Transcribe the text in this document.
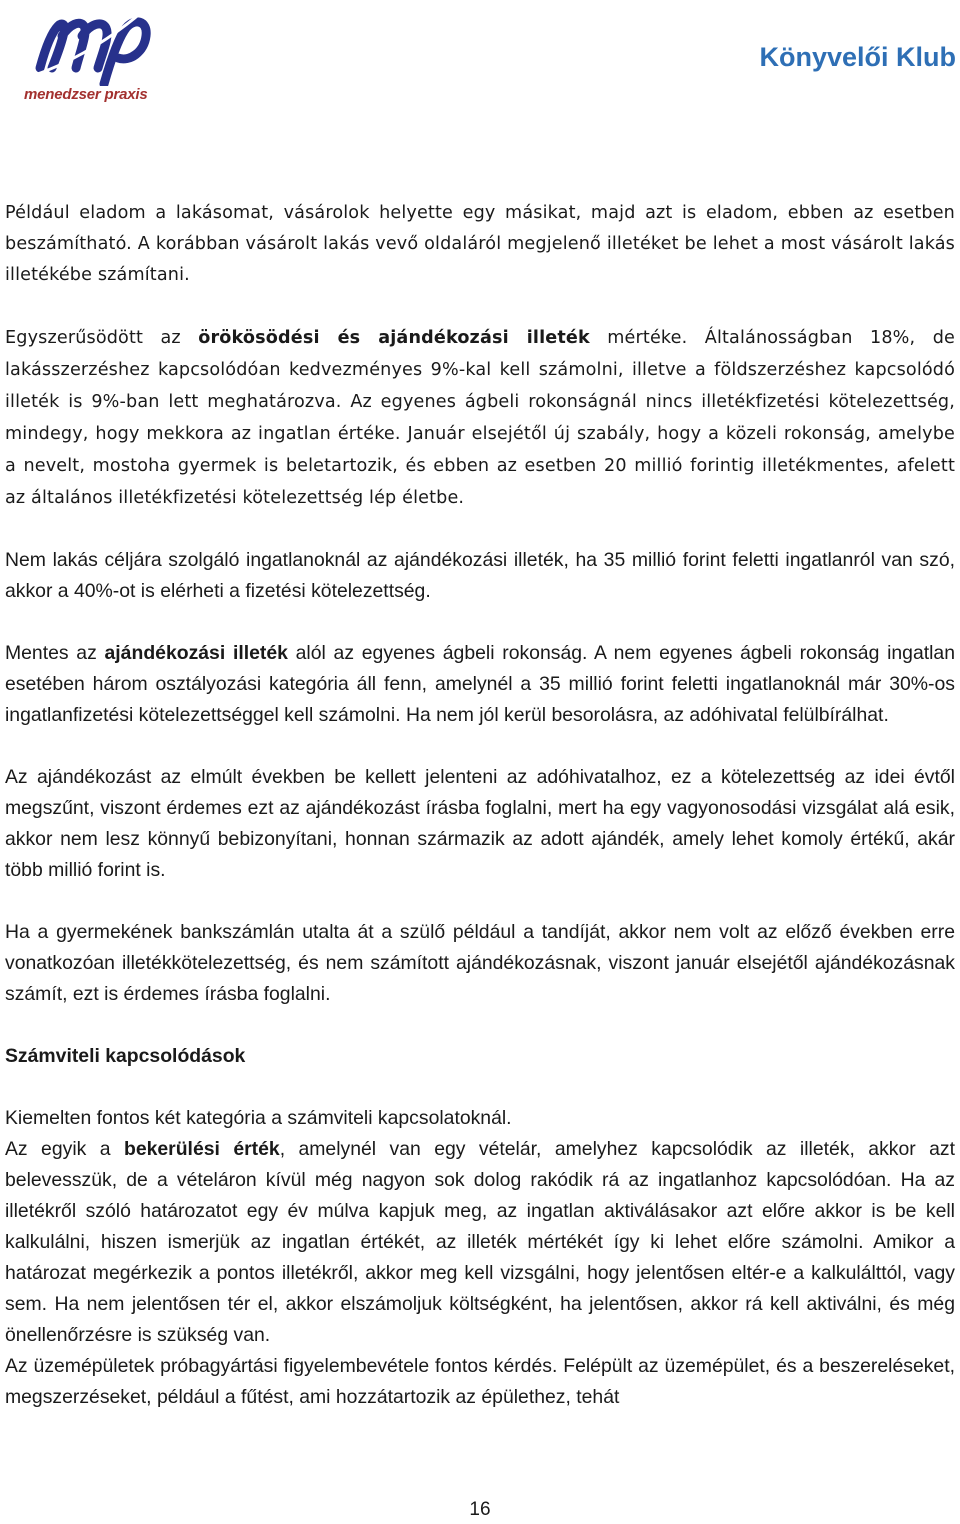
menedzser praxis
Könyvelői Klub

Például eladom a lakásomat, vásárolok helyette egy másikat, majd azt is eladom, ebben az esetben beszámítható. A korábban vásárolt lakás vevő oldaláról megjelenő illetéket be lehet a most vásárolt lakás illetékébe számítani.

Egyszerűsödött az örökösödési és ajándékozási illeték mértéke. Általánosságban 18%, de lakásszerzéshez kapcsolódóan kedvezményes 9%-kal kell számolni, illetve a földszerzéshez kapcsolódó illeték is 9%-ban lett meghatározva. Az egyenes ágbeli rokonságnál nincs illetékfizetési kötelezettség, mindegy, hogy mekkora az ingatlan értéke. Január elsejétől új szabály, hogy a közeli rokonság, amelybe a nevelt, mostoha gyermek is beletartozik, és ebben az esetben 20 millió forintig illetékmentes, afelett az általános illetékfizetési kötelezettség lép életbe.

Nem lakás céljára szolgáló ingatlanoknál az ajándékozási illeték, ha 35 millió forint feletti ingatlanról van szó, akkor a 40%-ot is elérheti a fizetési kötelezettség.

Mentes az ajándékozási illeték alól az egyenes ágbeli rokonság. A nem egyenes ágbeli rokonság ingatlan esetében három osztályozási kategória áll fenn, amelynél a 35 millió forint feletti ingatlanoknál már 30%-os ingatlanfizetési kötelezettséggel kell számolni. Ha nem jól kerül besorolásra, az adóhivatal felülbírálhat.

Az ajándékozást az elmúlt években be kellett jelenteni az adóhivatalhoz, ez a kötelezettség az idei évtől megszűnt, viszont érdemes ezt az ajándékozást írásba foglalni, mert ha egy vagyonosodási vizsgálat alá esik, akkor nem lesz könnyű bebizonyítani, honnan származik az adott ajándék, amely lehet komoly értékű, akár több millió forint is.

Ha a gyermekének bankszámlán utalta át a szülő például a tandíját, akkor nem volt az előző években erre vonatkozóan illetékkötelezettség, és nem számított ajándékozásnak, viszont január elsejétől ajándékozásnak számít, ezt is érdemes írásba foglalni.

Számviteli kapcsolódások

Kiemelten fontos két kategória a számviteli kapcsolatoknál.

Az egyik a bekerülési érték, amelynél van egy vételár, amelyhez kapcsolódik az illeték, akkor azt belevesszük, de a vételáron kívül még nagyon sok dolog rakódik rá az ingatlanhoz kapcsolódóan. Ha az illetékről szóló határozatot egy év múlva kapjuk meg, az ingatlan aktiválásakor azt előre akkor is be kell kalkulálni, hiszen ismerjük az ingatlan értékét, az illeték mértékét így ki lehet előre számolni. Amikor a határozat megérkezik a pontos illetékről, akkor meg kell vizsgálni, hogy jelentősen eltér-e a kalkulálttól, vagy sem. Ha nem jelentősen tér el, akkor elszámoljuk költségként, ha jelentősen, akkor rá kell aktiválni, és még önellenőrzésre is szükség van.

Az üzemépületek próbagyártási figyelembevétele fontos kérdés. Felépült az üzemépület, és a beszereléseket, megszerzéseket, például a fűtést, ami hozzátartozik az épülethez, tehát

16
